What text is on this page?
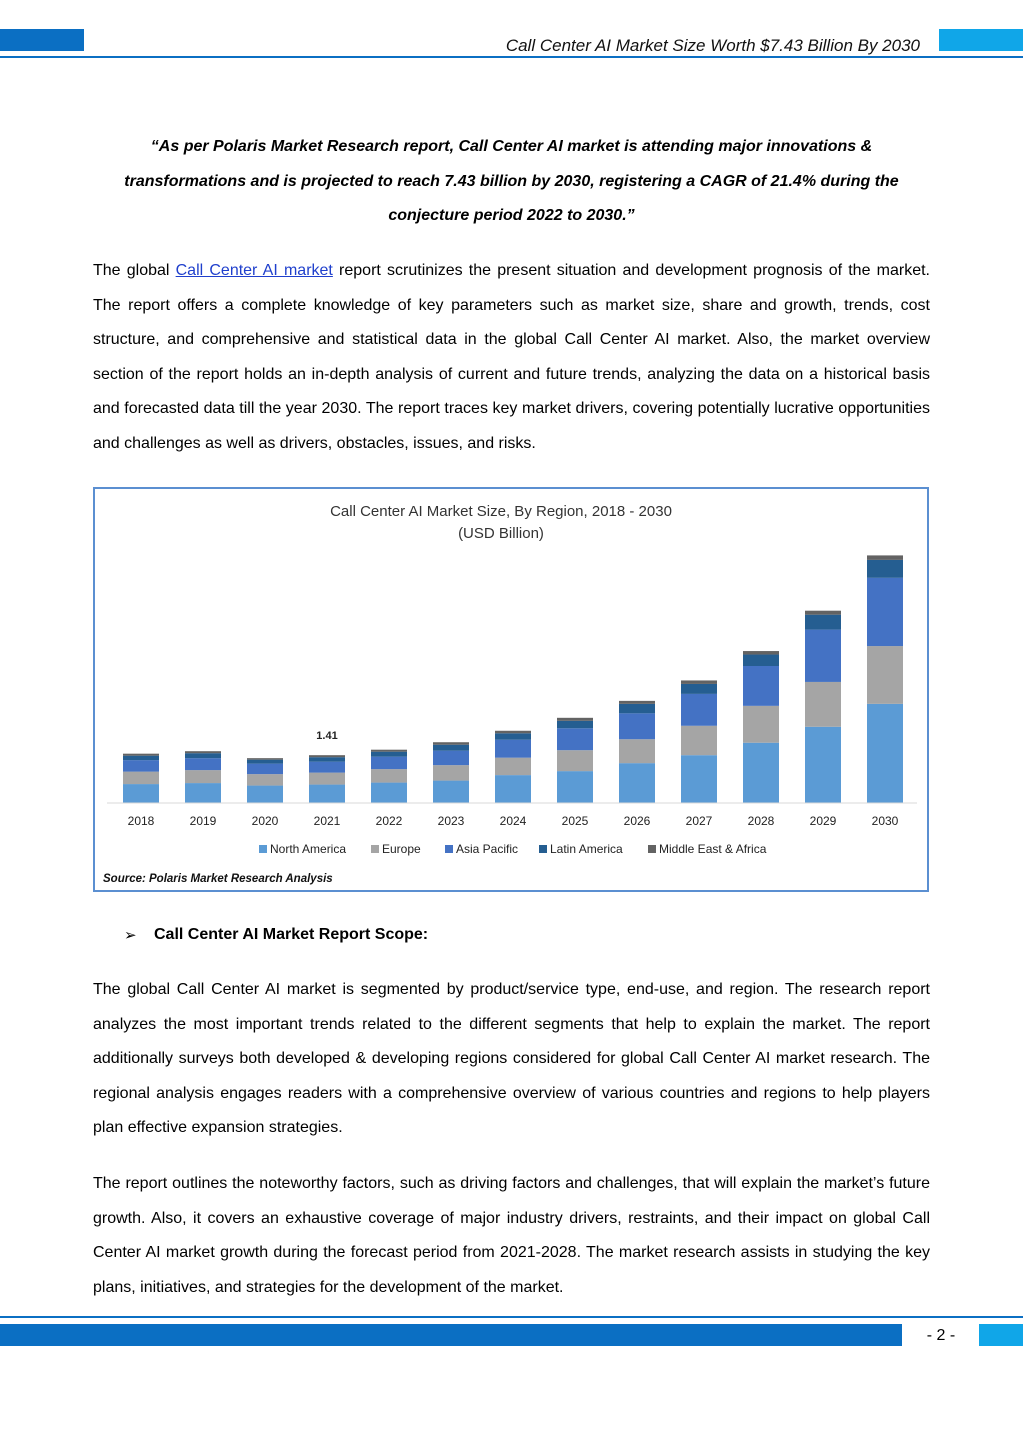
Call Center AI Market Size Worth $7.43 Billion By 2030
“As per Polaris Market Research report, Call Center AI market is attending major innovations & transformations and is projected to reach 7.43 billion by 2030, registering a CAGR of 21.4% during the conjecture period 2022 to 2030.”
The global Call Center AI market report scrutinizes the present situation and development prognosis of the market. The report offers a complete knowledge of key parameters such as market size, share and growth, trends, cost structure, and comprehensive and statistical data in the global Call Center AI market. Also, the market overview section of the report holds an in-depth analysis of current and future trends, analyzing the data on a historical basis and forecasted data till the year 2030. The report traces key market drivers, covering potentially lucrative opportunities and challenges as well as drivers, obstacles, issues, and risks.
Call Center AI Market Size, By Region, 2018 - 2030
(USD Billion)
2018	2019	2020	2021	2022	2023	2024	2025	2026	2027	2028	2029	2030
1.41
North America	Europe	Asia Pacific	Latin America	Middle East & Africa
Source: Polaris Market Research Analysis
➢ Call Center AI Market Report Scope:
The global Call Center AI market is segmented by product/service type, end-use, and region. The research report analyzes the most important trends related to the different segments that help to explain the market. The report additionally surveys both developed & developing regions considered for global Call Center AI market research. The regional analysis engages readers with a comprehensive overview of various countries and regions to help players plan effective expansion strategies.
The report outlines the noteworthy factors, such as driving factors and challenges, that will explain the market’s future growth. Also, it covers an exhaustive coverage of major industry drivers, restraints, and their impact on global Call Center AI market growth during the forecast period from 2021-2028. The market research assists in studying the key plans, initiatives, and strategies for the development of the market.
- 2 -
